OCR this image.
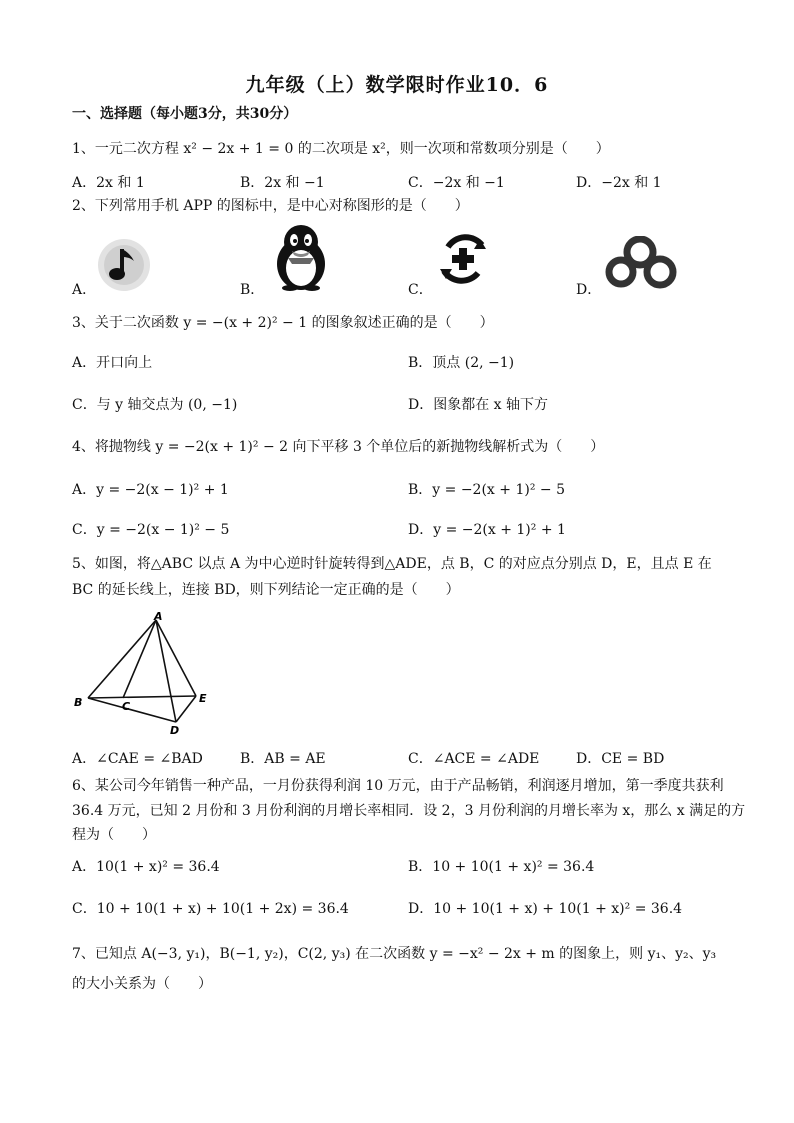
九年级（上）数学限时作业10．6
一、选择题（每小题3分，共30分）
1、一元二次方程 x² − 2x + 1 = 0 的二次项是 x²，则一次项和常数项分别是（　　）
A．2x 和 1	B．2x 和 −1	C．−2x 和 −1	D．−2x 和 1
2、下列常用手机 APP 的图标中，是中心对称图形的是（　　）
A．	B．	C．	D．
3、关于二次函数 y = −(x + 2)² − 1 的图象叙述正确的是（　　）
A．开口向上	B．顶点 (2, −1)
C．与 y 轴交点为 (0, −1)	D．图象都在 x 轴下方
4、将抛物线 y = −2(x + 1)² − 2 向下平移 3 个单位后的新抛物线解析式为（　　）
A．y = −2(x − 1)² + 1	B．y = −2(x + 1)² − 5
C．y = −2(x − 1)² − 5	D．y = −2(x + 1)² + 1
5、如图，将△ABC 以点 A 为中心逆时针旋转得到△ADE，点 B，C 的对应点分别点 D，E，且点 E 在
BC 的延长线上，连接 BD，则下列结论一定正确的是（　　）
A
B	C
D
E
A．∠CAE = ∠BAD	B．AB = AE	C．∠ACE = ∠ADE	D．CE = BD
6、某公司今年销售一种产品，一月份获得利润 10 万元，由于产品畅销，利润逐月增加，第一季度共获利
36.4 万元，已知 2 月份和 3 月份利润的月增长率相同．设 2，3 月份利润的月增长率为 x，那么 x 满足的方
程为（　　）
A．10(1 + x)² = 36.4	B．10 + 10(1 + x)² = 36.4
C．10 + 10(1 + x) + 10(1 + 2x) = 36.4	D．10 + 10(1 + x) + 10(1 + x)² = 36.4
7、已知点 A(−3, y₁)，B(−1, y₂)，C(2, y₃) 在二次函数 y = −x² − 2x + m 的图象上，则 y₁、y₂、y₃
的大小关系为（　　）
